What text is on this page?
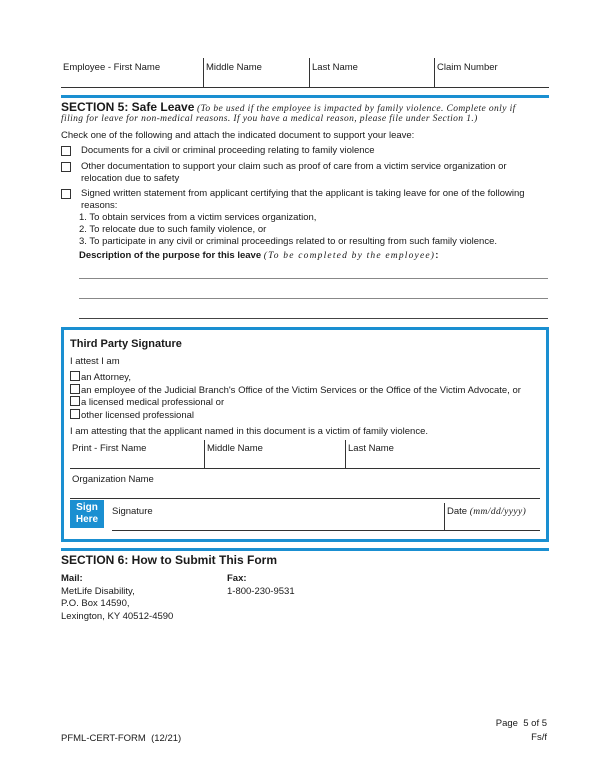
Employee - First Name	Middle Name	Last Name	Claim Number
SECTION 5: Safe Leave (To be used if the employee is impacted by family violence. Complete only if
filing for leave for non-medical reasons. If you have a medical reason, please file under Section 1.)
Check one of the following and attach the indicated document to support your leave:
Documents for a civil or criminal proceeding relating to family violence
Other documentation to support your claim such as proof of care from a victim service organization or
relocation due to safety
Signed written statement from applicant certifying that the applicant is taking leave for one of the following
reasons:
1. To obtain services from a victim services organization,
2. To relocate due to such family violence, or
3. To participate in any civil or criminal proceedings related to or resulting from such family violence.
Description of the purpose for this leave (To be completed by the employee):
Third Party Signature
I attest I am
an Attorney,
an employee of the Judicial Branch's Office of the Victim Services or the Office of the Victim Advocate, or
a licensed medical professional or
other licensed professional
I am attesting that the applicant named in this document is a victim of family violence.
Print - First Name	Middle Name	Last Name
Organization Name
Signature	Date (mm/dd/yyyy)
Sign
Here
SECTION 6: How to Submit This Form
Mail:
MetLife Disability,
P.O. Box 14590,
Lexington, KY 40512-4590
Fax:
1-800-230-9531
PFML-CERT-FORM  (12/21)
Page  5 of 5
Fs/f
